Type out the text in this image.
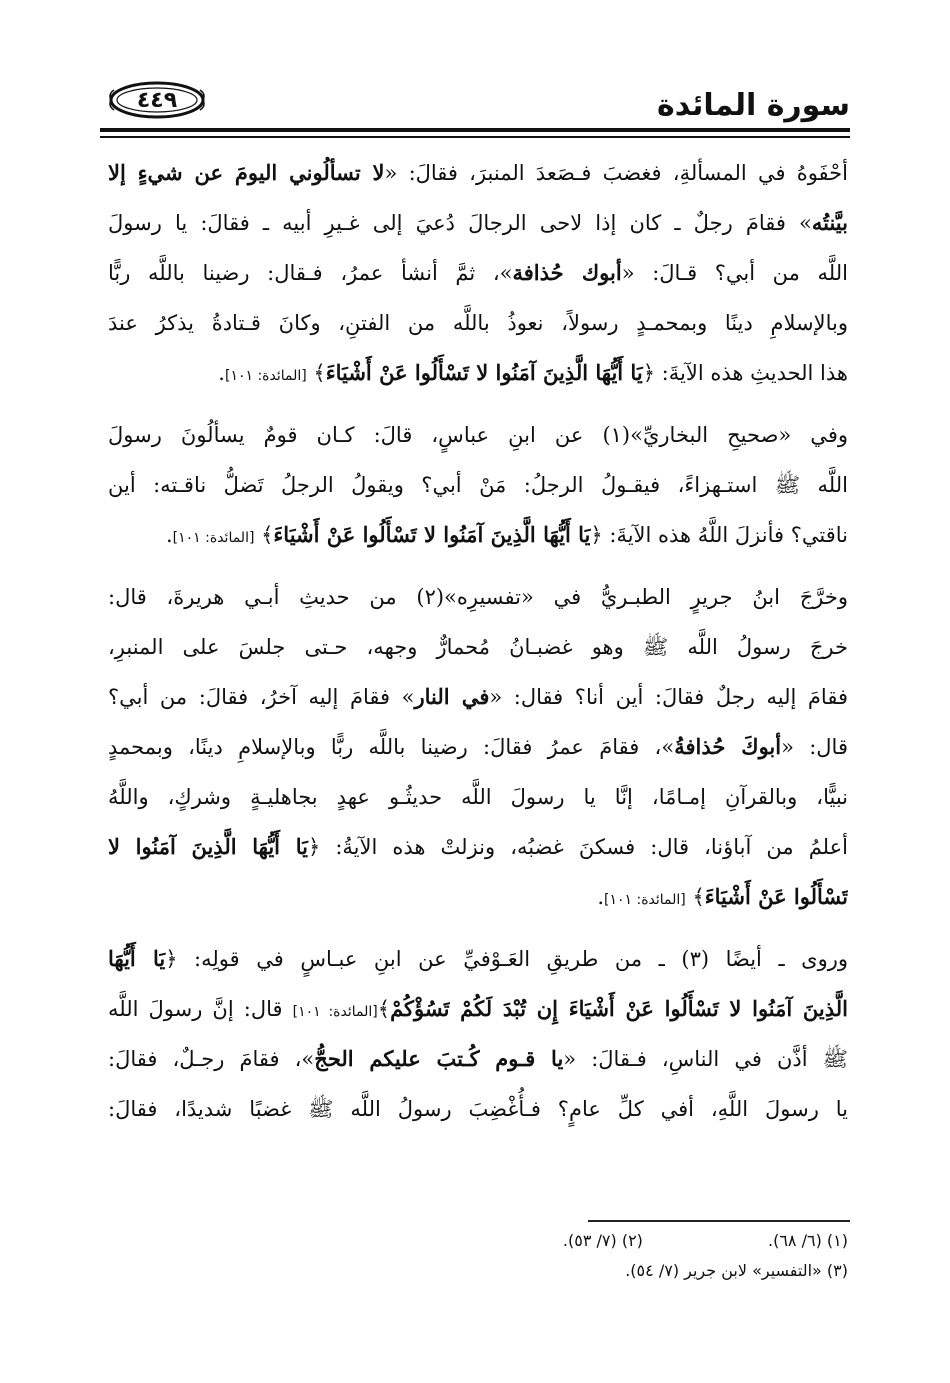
سورة المائدة
٤٤٩
أحْفَوهُ في المسألةِ، فغضبَ فـصَعدَ المنبرَ، فقالَ: «لا تسألُوني اليومَ عن شيءٍ إلا
بيَّنتُه» فقامَ رجلٌ ـ كان إذا لاحى الرجالَ دُعيَ إلى غـيرِ أبيه ـ فقالَ: يا رسولَ
اللَّه من أبي؟ قـالَ: «أبوك حُذافة»، ثمَّ أنشأ عمرُ، فـقال: رضينا باللَّه ربًّا
وبالإسلامِ دينًا وبمحمـدٍ رسولاً، نعوذُ باللَّه من الفتنِ، وكانَ قـتادةُ يذكرُ عندَ
هذا الحديثِ هذه الآيةَ: ﴿يَا أَيُّهَا الَّذِينَ آمَنُوا لا تَسْأَلُوا عَنْ أَشْيَاءَ﴾ [المائدة: ١٠١].
وفي «صحيحِ البخاريِّ»(١) عن ابنِ عباسٍ، قالَ: كـان قومٌ يسألُونَ رسولَ
اللَّه ﷺ استـهزاءً، فيقـولُ الرجلُ: مَنْ أبي؟ ويقولُ الرجلُ تَضلُّ ناقـته: أين
ناقتي؟ فأنزلَ اللَّهُ هذه الآيةَ: ﴿يَا أَيُّهَا الَّذِينَ آمَنُوا لا تَسْأَلُوا عَنْ أَشْيَاءَ﴾ [المائدة: ١٠١].
وخرَّجَ ابنُ جريرٍ الطبـريُّ في «تفسيرِه»(٢) من حديثِ أبـي هريرةَ، قال:
خرجَ رسولُ اللَّه ﷺ وهو غضبـانُ مُحمارٌّ وجهه، حـتى جلسَ على المنبرِ،
فقامَ إليه رجلٌ فقالَ: أين أنا؟ فقال: «في النار» فقامَ إليه آخرُ، فقالَ: من أبي؟
قال: «أبوكَ حُذافةُ»، فقامَ عمرُ فقالَ: رضينا باللَّه ربًّا وبالإسلامِ دينًا، وبمحمدٍ
نبيًّا، وبالقرآنِ إمـامًا، إنَّا يا رسولَ اللَّه حديثُـو عهدٍ بجاهليـةٍ وشركٍ، واللَّهُ
أعلمُ من آباؤنا، قال: فسكنَ غضبُه، ونزلتْ هذه الآيةُ: ﴿يَا أَيُّهَا الَّذِينَ آمَنُوا لا
تَسْأَلُوا عَنْ أَشْيَاءَ﴾ [المائدة: ١٠١].
وروى ـ أيضًا (٣) ـ من طريقِ العَـوْفيِّ عن ابنِ عبـاسٍ في قولِه: ﴿يَا أَيُّهَا
الَّذِينَ آمَنُوا لا تَسْأَلُوا عَنْ أَشْيَاءَ إِن تُبْدَ لَكُمْ تَسُؤْكُمْ﴾[المائدة: ١٠١] قال: إنَّ رسولَ اللَّه
ﷺ أذَّن في الناسِ، فـقالَ: «يا قـوم كُـتبَ عليكم الحجُّ»، فقامَ رجـلٌ، فقالَ:
يا رسولَ اللَّهِ، أفي كلِّ عامٍ؟ فـأُغْضِبَ رسولُ اللَّه ﷺ غضبًا شديدًا، فقالَ:
(١) (٦/ ٦٨). (٢) (٧/ ٥٣).
(٣) «التفسير» لابن جرير (٧/ ٥٤).
